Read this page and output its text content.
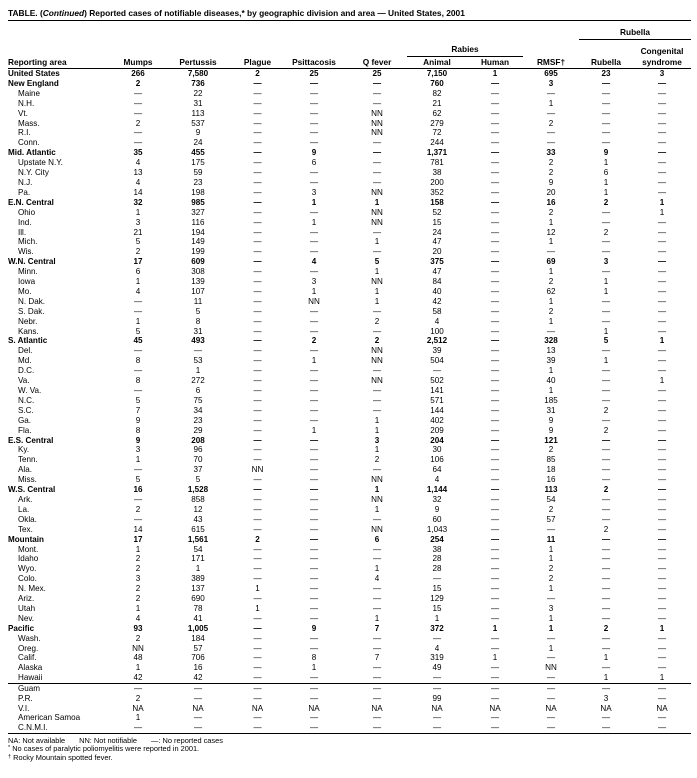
TABLE. (Continued) Reported cases of notifiable diseases,* by geographic division and area — United States, 2001
									Rubella	
						Rabies				Congenital
Reporting area	Mumps	Pertussis	Plague	Psittacosis	Q fever	Animal	Human	RMSF†	Rubella	syndrome
United States	266	7,580	2	25	25	7,150	1	695	23	3
New England	2	736	—	—	—	760	—	3	—	—
Maine	—	22	—	—	—	82	—	—	—	—
N.H.	—	31	—	—	—	21	—	1	—	—
Vt.	—	113	—	—	NN	62	—	—	—	—
Mass.	2	537	—	—	NN	279	—	2	—	—
R.I.	—	9	—	—	NN	72	—	—	—	—
Conn.	—	24	—	—	—	244	—	—	—	—
Mid. Atlantic	35	455	—	9	—	1,371	—	33	9	—
Upstate N.Y.	4	175	—	6	—	781	—	2	1	—
N.Y. City	13	59	—	—	—	38	—	2	6	—
N.J.	4	23	—	—	—	200	—	9	1	—
Pa.	14	198	—	3	NN	352	—	20	1	—
E.N. Central	32	985	—	1	1	158	—	16	2	1
Ohio	1	327	—	—	NN	52	—	2	—	1
Ind.	3	116	—	1	NN	15	—	1	—	—
Ill.	21	194	—	—	—	24	—	12	2	—
Mich.	5	149	—	—	1	47	—	1	—	—
Wis.	2	199	—	—	—	20	—	—	—	—
W.N. Central	17	609	—	4	5	375	—	69	3	—
Minn.	6	308	—	—	1	47	—	1	—	—
Iowa	1	139	—	3	NN	84	—	2	1	—
Mo.	4	107	—	1	1	40	—	62	1	—
N. Dak.	—	11	—	NN	1	42	—	1	—	—
S. Dak.	—	5	—	—	—	58	—	2	—	—
Nebr.	1	8	—	—	2	4	—	1	—	—
Kans.	5	31	—	—	—	100	—	—	1	—
S. Atlantic	45	493	—	2	2	2,512	—	328	5	1
Del.	—	—	—	—	NN	39	—	13	—	—
Md.	8	53	—	1	NN	504	—	39	1	—
D.C.	—	1	—	—	—	—	—	1	—	—
Va.	8	272	—	—	NN	502	—	40	—	1
W. Va.	—	6	—	—	—	141	—	1	—	—
N.C.	5	75	—	—	—	571	—	185	—	—
S.C.	7	34	—	—	—	144	—	31	2	—
Ga.	9	23	—	—	1	402	—	9	—	—
Fla.	8	29	—	1	1	209	—	9	2	—
E.S. Central	9	208	—	—	3	204	—	121	—	—
Ky.	3	96	—	—	1	30	—	2	—	—
Tenn.	1	70	—	—	2	106	—	85	—	—
Ala.	—	37	NN	—	—	64	—	18	—	—
Miss.	5	5	—	—	NN	4	—	16	—	—
W.S. Central	16	1,528	—	—	1	1,144	—	113	2	—
Ark.	—	858	—	—	NN	32	—	54	—	—
La.	2	12	—	—	1	9	—	2	—	—
Okla.	—	43	—	—	—	60	—	57	—	—
Tex.	14	615	—	—	NN	1,043	—	—	2	—
Mountain	17	1,561	2	—	6	254	—	11	—	—
Mont.	1	54	—	—	—	38	—	1	—	—
Idaho	2	171	—	—	—	28	—	1	—	—
Wyo.	2	1	—	—	1	28	—	2	—	—
Colo.	3	389	—	—	4	—	—	2	—	—
N. Mex.	2	137	1	—	—	15	—	1	—	—
Ariz.	2	690	—	—	—	129	—	—	—	—
Utah	1	78	1	—	—	15	—	3	—	—
Nev.	4	41	—	—	1	1	—	1	—	—
Pacific	93	1,005	—	9	7	372	1	1	2	1
Wash.	2	184	—	—	—	—	—	—	—	—
Oreg.	NN	57	—	—	—	4	—	1	—	—
Calif.	48	706	—	8	7	319	1	—	1	—
Alaska	1	16	—	1	—	49	—	NN	—	—
Hawaii	42	42	—	—	—	—	—	—	1	1
Guam	—	—	—	—	—	—	—	—	—	—
P.R.	2	—	—	—	—	99	—	—	3	—
V.I.	NA	NA	NA	NA	NA	NA	NA	NA	NA	NA
American Samoa	1	—	—	—	—	—	—	—	—	—
C.N.M.I.	—	—	—	—	—	—	—	—	—	—
NA: Not available NN: Not notifiable —: No reported cases
* No cases of paralytic poliomyelitis were reported in 2001.
† Rocky Mountain spotted fever.
